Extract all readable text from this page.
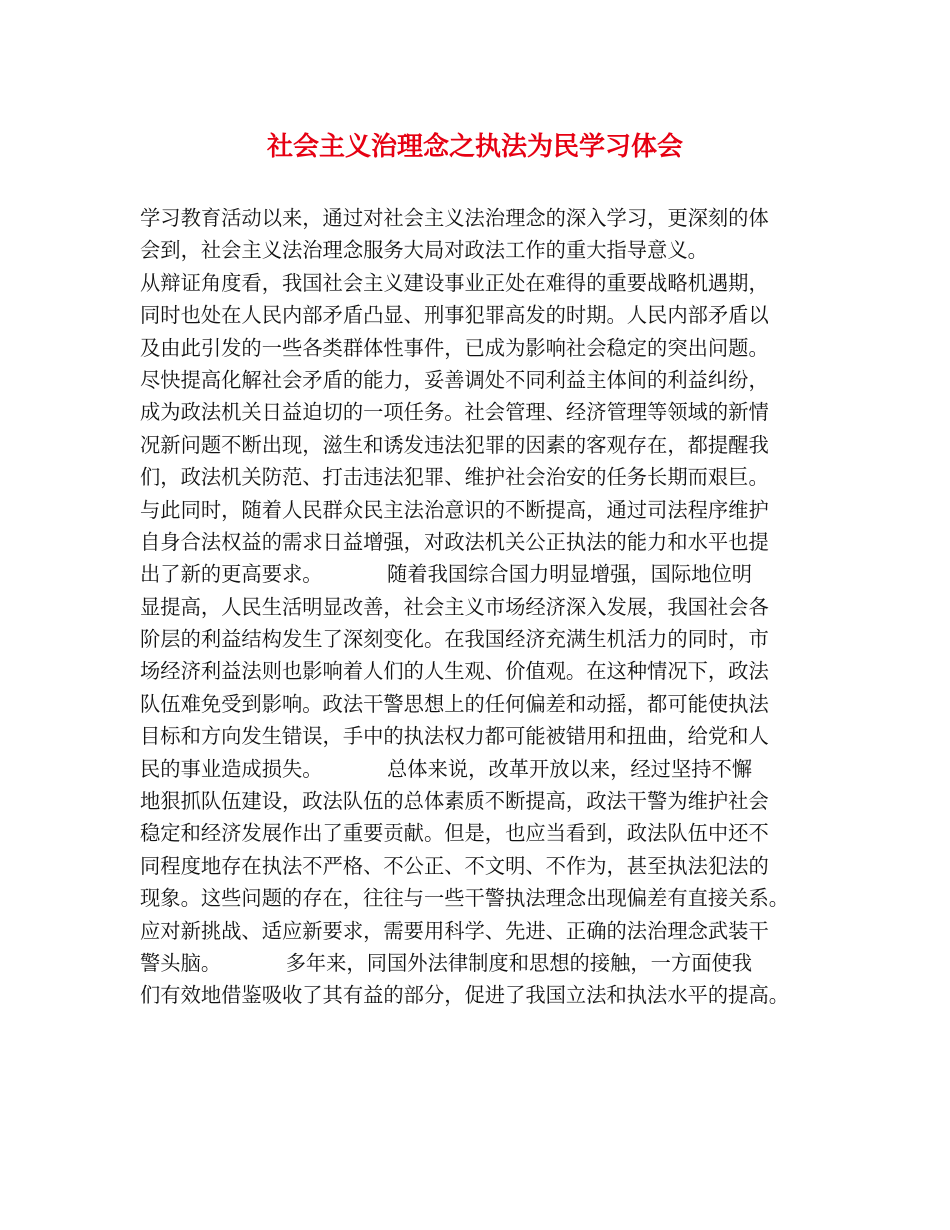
社会主义治理念之执法为民学习体会
学习教育活动以来，通过对社会主义法治理念的深入学习，更深刻的体
会到，社会主义法治理念服务大局对政法工作的重大指导意义。
从辩证角度看，我国社会主义建设事业正处在难得的重要战略机遇期，
同时也处在人民内部矛盾凸显、刑事犯罪高发的时期。人民内部矛盾以
及由此引发的一些各类群体性事件，已成为影响社会稳定的突出问题。
尽快提高化解社会矛盾的能力，妥善调处不同利益主体间的利益纠纷，
成为政法机关日益迫切的一项任务。社会管理、经济管理等领域的新情
况新问题不断出现，滋生和诱发违法犯罪的因素的客观存在，都提醒我
们，政法机关防范、打击违法犯罪、维护社会治安的任务长期而艰巨。
与此同时，随着人民群众民主法治意识的不断提高，通过司法程序维护
自身合法权益的需求日益增强，对政法机关公正执法的能力和水平也提
出了新的更高要求。          随着我国综合国力明显增强，国际地位明
显提高，人民生活明显改善，社会主义市场经济深入发展，我国社会各
阶层的利益结构发生了深刻变化。在我国经济充满生机活力的同时，市
场经济利益法则也影响着人们的人生观、价值观。在这种情况下，政法
队伍难免受到影响。政法干警思想上的任何偏差和动摇，都可能使执法
目标和方向发生错误，手中的执法权力都可能被错用和扭曲，给党和人
民的事业造成损失。          总体来说，改革开放以来，经过坚持不懈
地狠抓队伍建设，政法队伍的总体素质不断提高，政法干警为维护社会
稳定和经济发展作出了重要贡献。但是，也应当看到，政法队伍中还不
同程度地存在执法不严格、不公正、不文明、不作为，甚至执法犯法的
现象。这些问题的存在，往往与一些干警执法理念出现偏差有直接关系。
应对新挑战、适应新要求，需要用科学、先进、正确的法治理念武装干
警头脑。          多年来，同国外法律制度和思想的接触，一方面使我
们有效地借鉴吸收了其有益的部分，促进了我国立法和执法水平的提高。
